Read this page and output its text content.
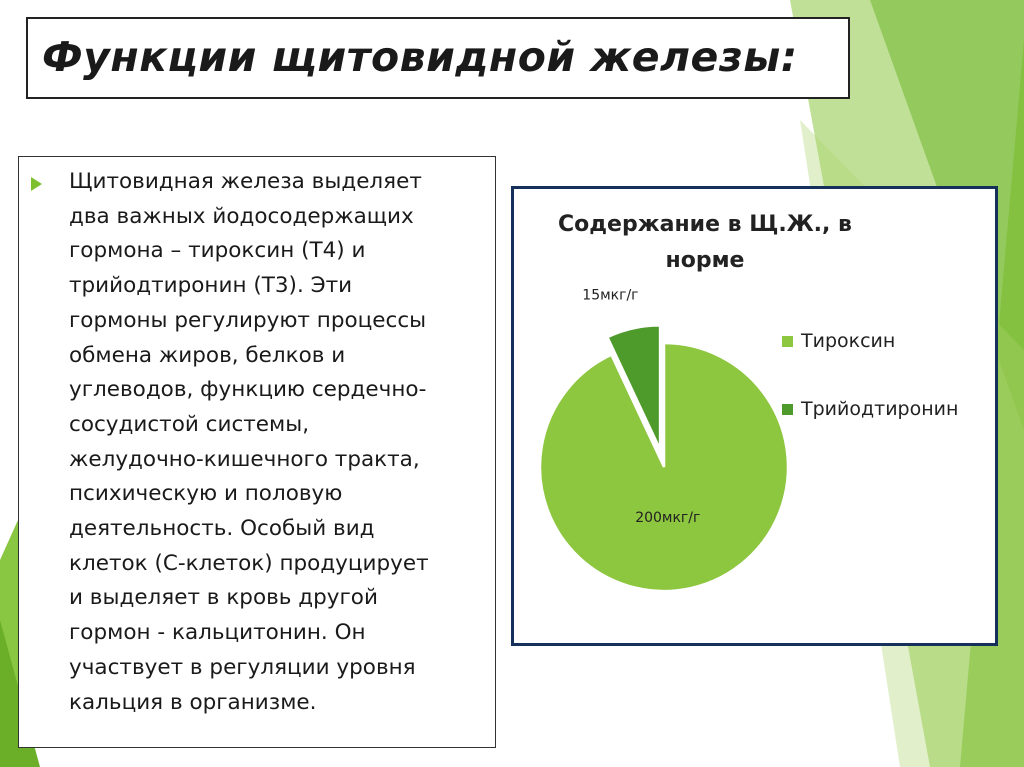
Функции щитовидной железы:
Щитовидная железа выделяет
два важных йодосодержащих
гормона – тироксин (Т4) и
трийодтиронин (Т3). Эти
гормоны регулируют процессы
обмена жиров, белков и
углеводов, функцию сердечно-
сосудистой системы,
желудочно-кишечного тракта,
психическую и половую
деятельность. Особый вид
клеток (С-клеток) продуцирует
и выделяет в кровь другой
гормон - кальцитонин. Он
участвует в регуляции уровня
кальция в организме.
Содержание в Щ.Ж., в
норме
15мкг/г
200мкг/г
Тироксин
Трийодтиронин
